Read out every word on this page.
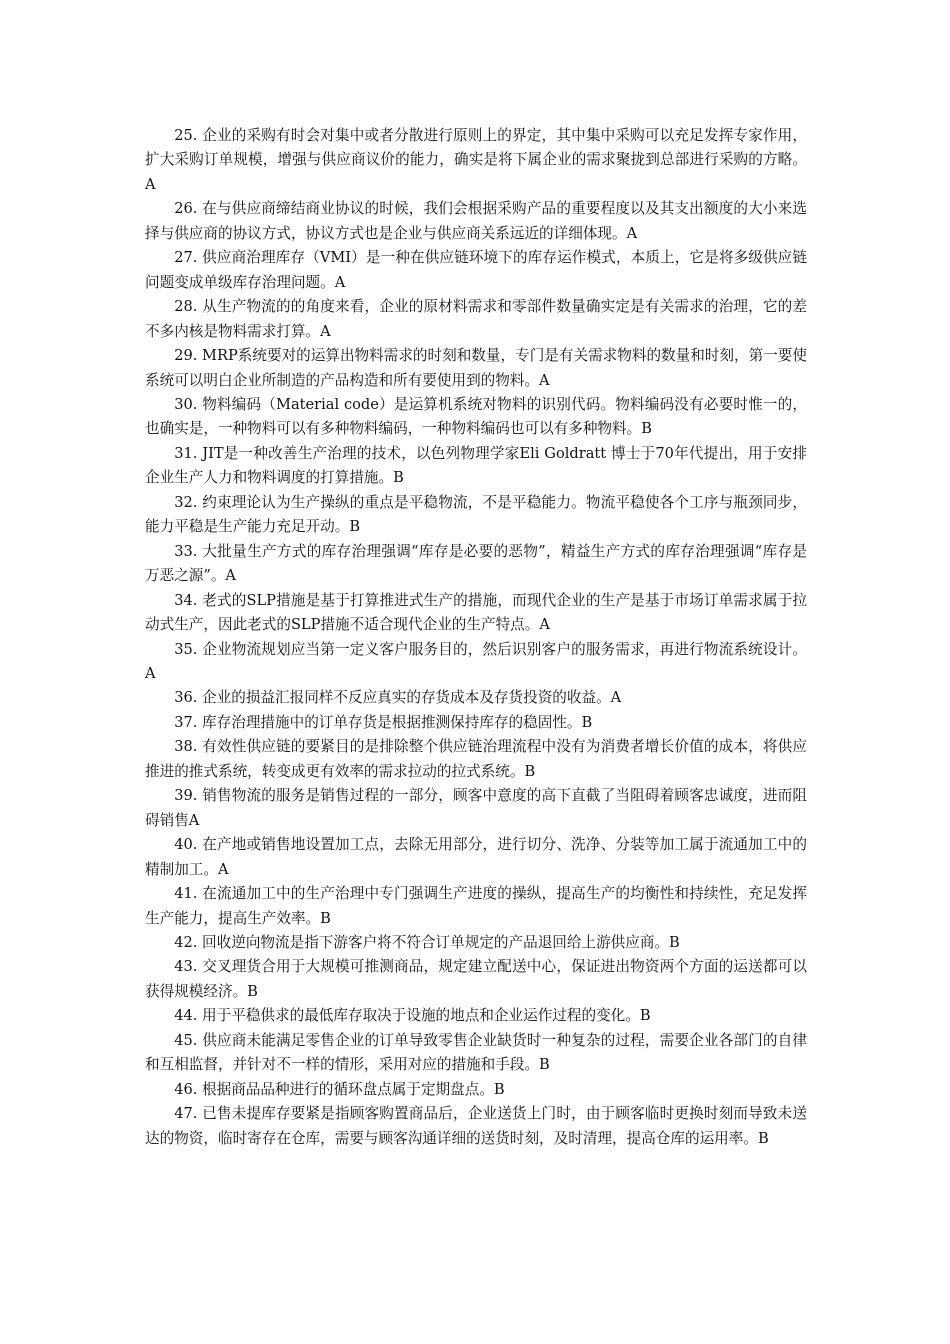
25. 企业的采购有时会对集中或者分散进行原则上的界定，其中集中采购可以充足发挥专家作用，扩大采购订单规模，增强与供应商议价的能力，确实是将下属企业的需求聚拢到总部进行采购的方略。A

26. 在与供应商缔结商业协议的时候，我们会根据采购产品的重要程度以及其支出额度的大小来选择与供应商的协议方式，协议方式也是企业与供应商关系远近的详细体现。A

27. 供应商治理库存（VMI）是一种在供应链环境下的库存运作模式，本质上，它是将多级供应链问题变成单级库存治理问题。A

28. 从生产物流的的角度来看，企业的原材料需求和零部件数量确实定是有关需求的治理，它的差不多内核是物料需求打算。A

29. MRP系统要对的运算出物料需求的时刻和数量，专门是有关需求物料的数量和时刻，第一要使系统可以明白企业所制造的产品构造和所有要使用到的物料。A

30. 物料编码（Material code）是运算机系统对物料的识别代码。物料编码没有必要时惟一的，也确实是，一种物料可以有多种物料编码，一种物料编码也可以有多种物料。B

31. JIT是一种改善生产治理的技术，以色列物理学家Eli Goldratt 博士于70年代提出，用于安排企业生产人力和物料调度的打算措施。B

32. 约束理论认为生产操纵的重点是平稳物流，不是平稳能力。物流平稳使各个工序与瓶颈同步，能力平稳是生产能力充足开动。B

33. 大批量生产方式的库存治理强调“库存是必要的恶物”，精益生产方式的库存治理强调“库存是万恶之源”。A

34. 老式的SLP措施是基于打算推进式生产的措施，而现代企业的生产是基于市场订单需求属于拉动式生产，因此老式的SLP措施不适合现代企业的生产特点。A

35. 企业物流规划应当第一定义客户服务目的，然后识别客户的服务需求，再进行物流系统设计。A

36. 企业的损益汇报同样不反应真实的存货成本及存货投资的收益。A

37. 库存治理措施中的订单存货是根据推测保持库存的稳固性。B

38. 有效性供应链的要紧目的是排除整个供应链治理流程中没有为消费者增长价值的成本，将供应推进的推式系统，转变成更有效率的需求拉动的拉式系统。B

39. 销售物流的服务是销售过程的一部分，顾客中意度的高下直截了当阻碍着顾客忠诚度，进而阻碍销售A

40. 在产地或销售地设置加工点，去除无用部分，进行切分、洗净、分装等加工属于流通加工中的精制加工。A

41. 在流通加工中的生产治理中专门强调生产进度的操纵，提高生产的均衡性和持续性，充足发挥生产能力，提高生产效率。B

42. 回收逆向物流是指下游客户将不符合订单规定的产品退回给上游供应商。B

43. 交叉理货合用于大规模可推测商品，规定建立配送中心，保证进出物资两个方面的运送都可以获得规模经济。B

44. 用于平稳供求的最低库存取决于设施的地点和企业运作过程的变化。B

45. 供应商未能满足零售企业的订单导致零售企业缺货时一种复杂的过程，需要企业各部门的自律和互相监督，并针对不一样的情形，采用对应的措施和手段。B

46. 根据商品品种进行的循环盘点属于定期盘点。B

47. 已售未提库存要紧是指顾客购置商品后，企业送货上门时，由于顾客临时更换时刻而导致未送达的物资，临时寄存在仓库，需要与顾客沟通详细的送货时刻，及时清理，提高仓库的运用率。B
